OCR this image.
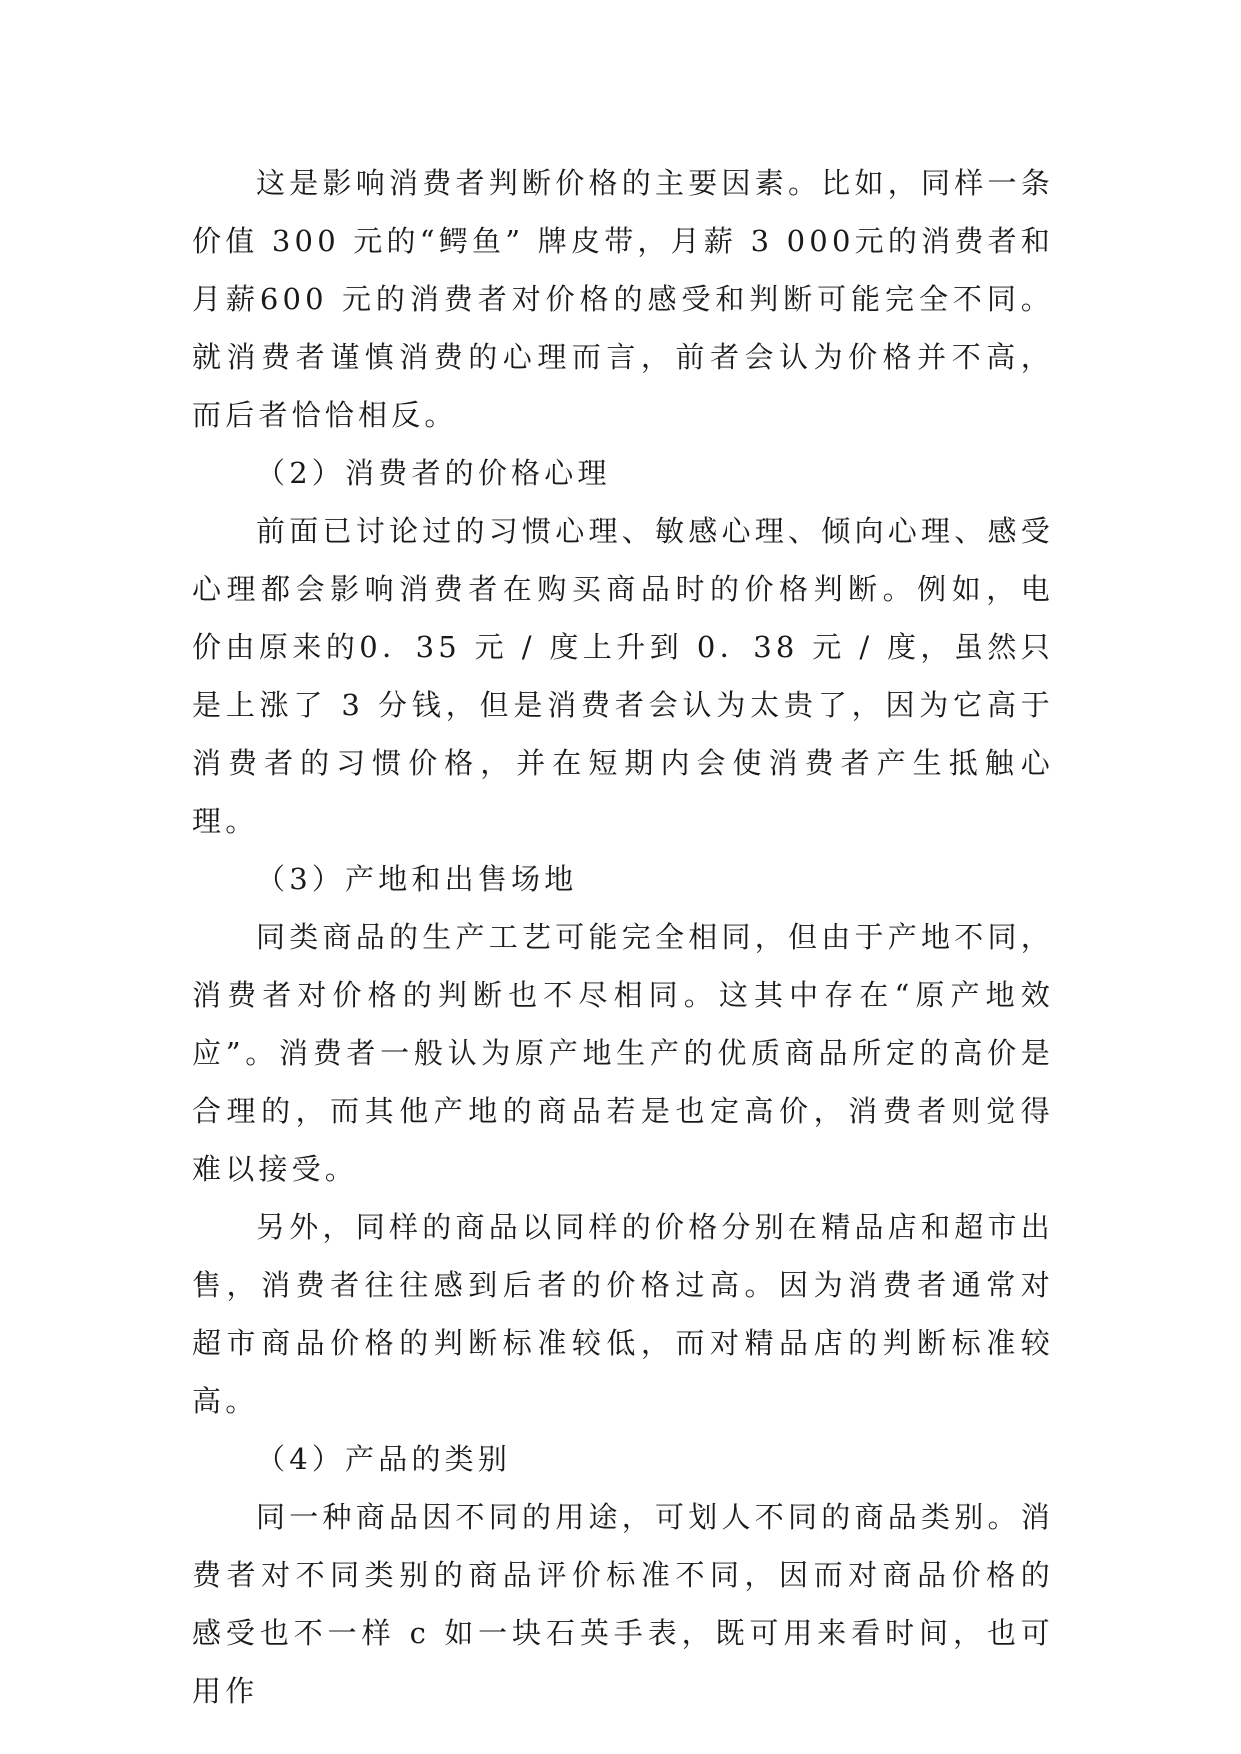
这是影响消费者判断价格的主要因素。比如，同样一条价值 300 元的“鳄鱼” 牌皮带，月薪 3 000元的消费者和月薪600 元的消费者对价格的感受和判断可能完全不同。就消费者谨慎消费的心理而言，前者会认为价格并不高，而后者恰恰相反。

（2）消费者的价格心理

前面已讨论过的习惯心理、敏感心理、倾向心理、感受心理都会影响消费者在购买商品时的价格判断。例如，电价由原来的0．35 元 / 度上升到 0．38 元 / 度，虽然只是上涨了 3 分钱，但是消费者会认为太贵了，因为它高于消费者的习惯价格，并在短期内会使消费者产生抵触心理。

（3）产地和出售场地

同类商品的生产工艺可能完全相同，但由于产地不同，消费者对价格的判断也不尽相同。这其中存在“原产地效应”。消费者一般认为原产地生产的优质商品所定的高价是合理的，而其他产地的商品若是也定高价，消费者则觉得难以接受。

另外，同样的商品以同样的价格分别在精品店和超市出售，消费者往往感到后者的价格过高。因为消费者通常对超市商品价格的判断标准较低，而对精品店的判断标准较高。

（4）产品的类别

同一种商品因不同的用途，可划人不同的商品类别。消费者对不同类别的商品评价标准不同，因而对商品价格的感受也不一样 c 如一块石英手表，既可用来看时间，也可用作
